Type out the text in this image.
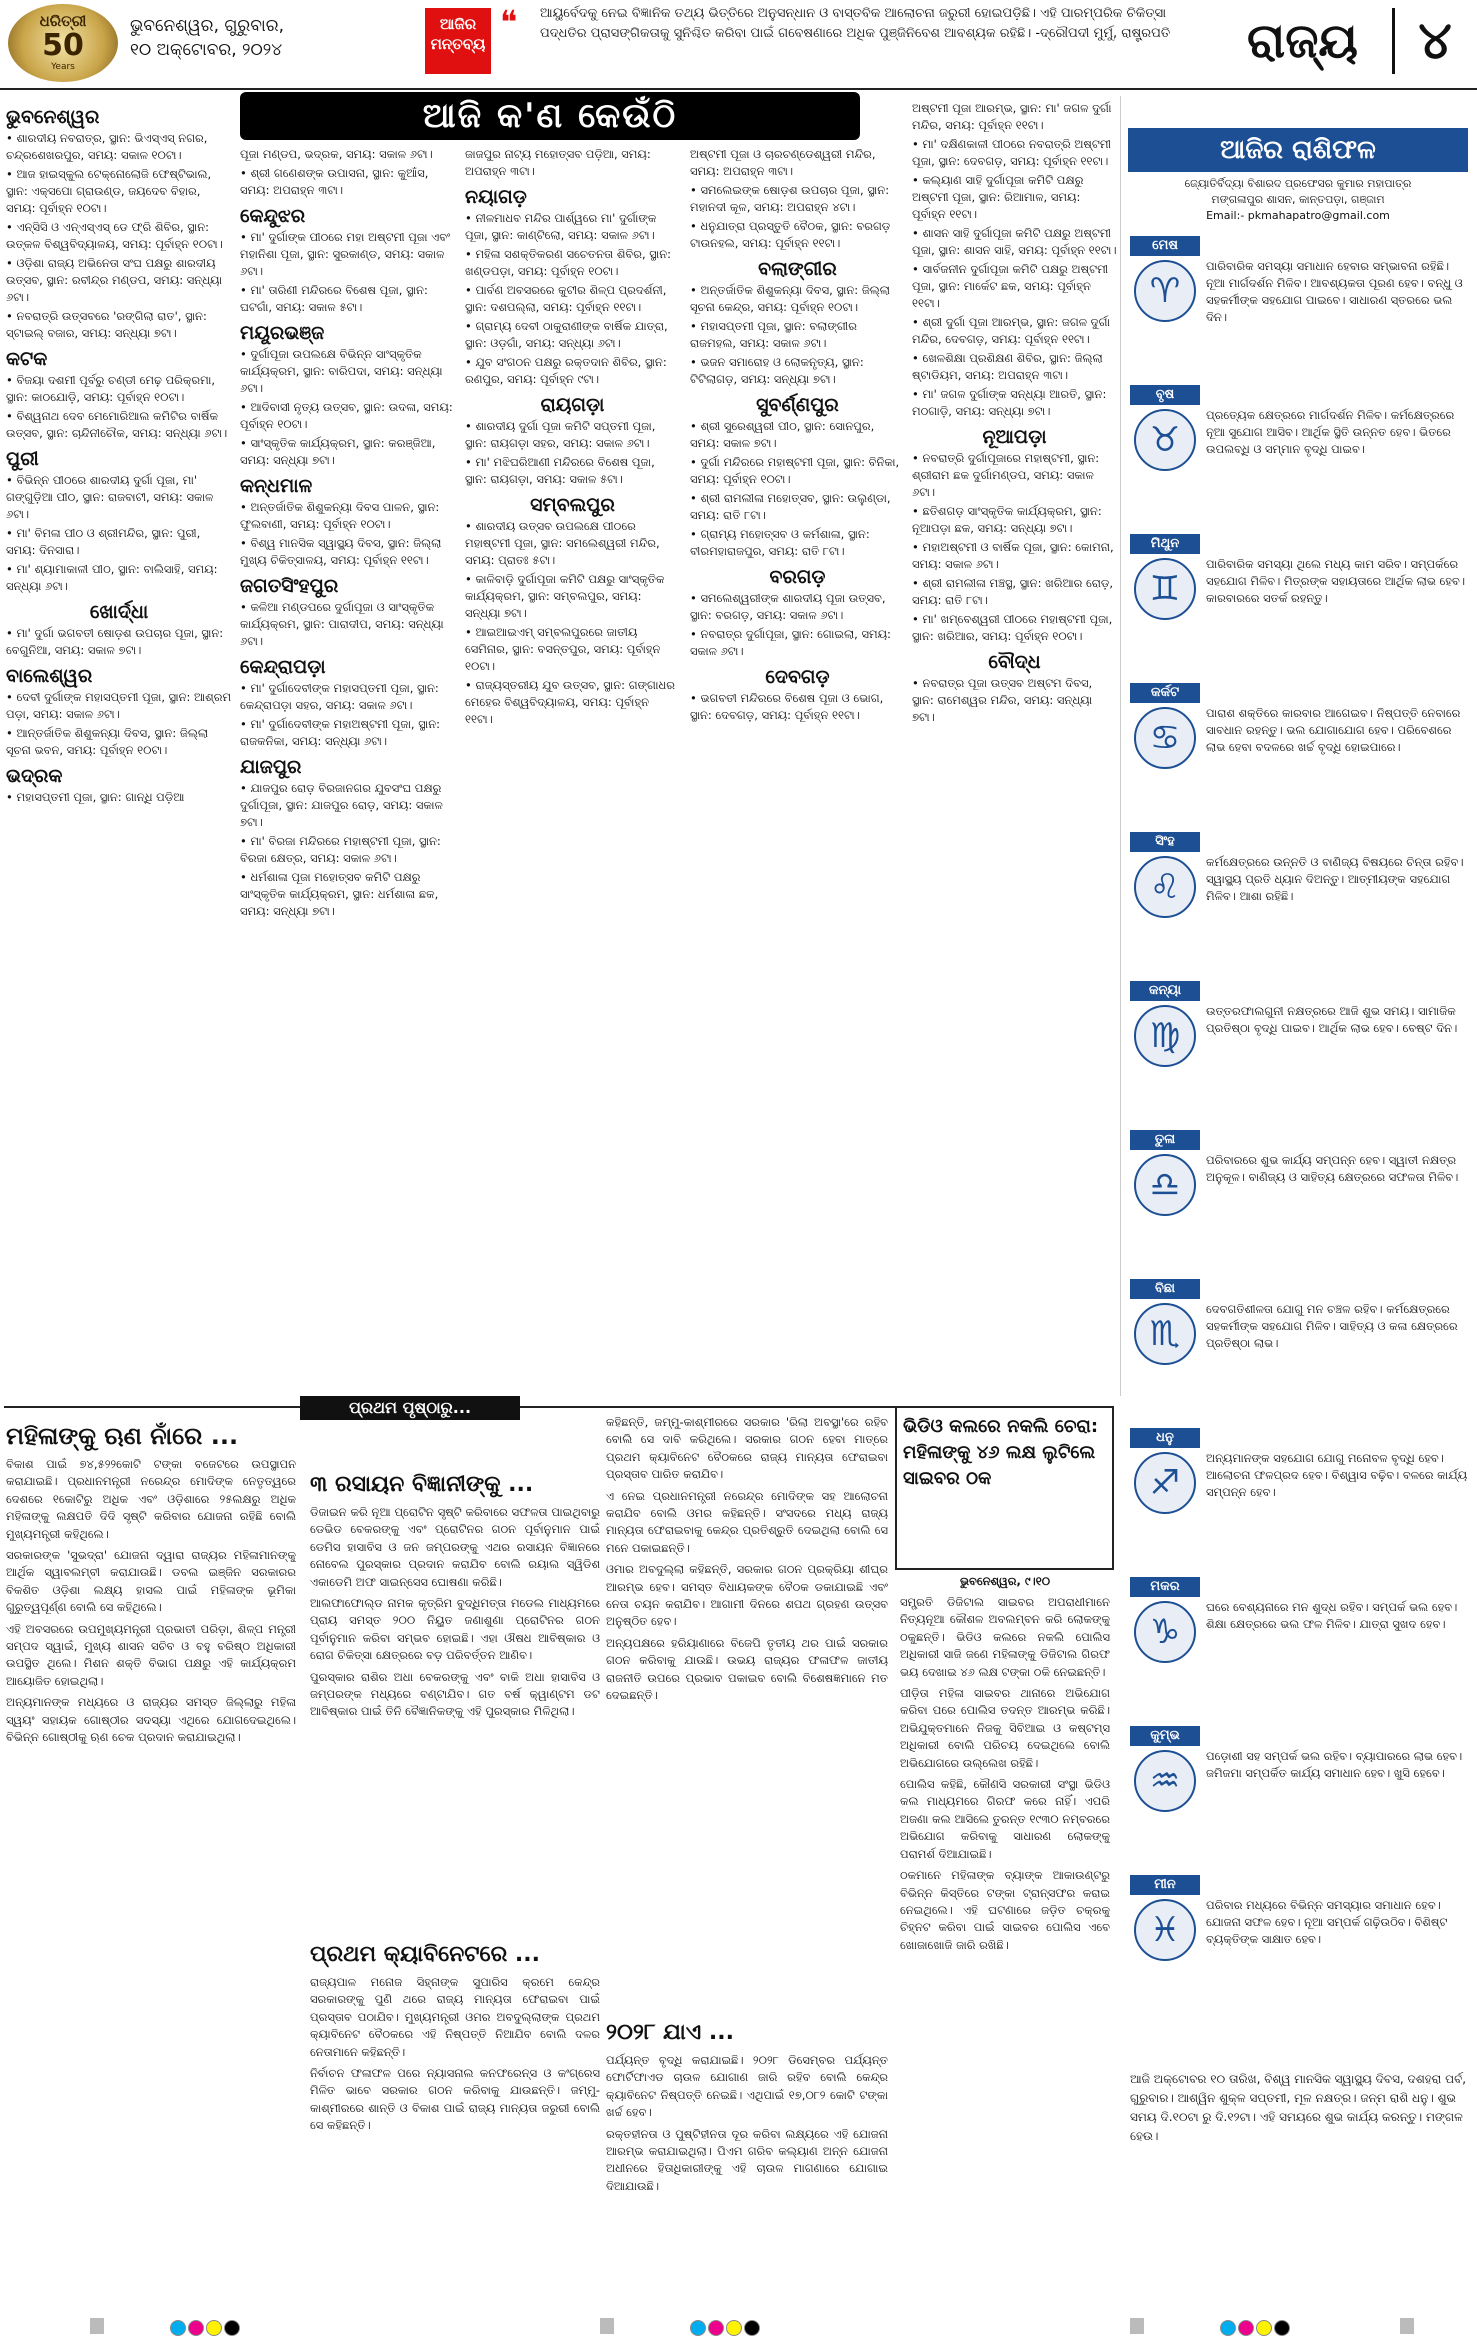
ଧରିତ୍ରୀ
50
Years
ଭୁବନେଶ୍ୱର, ଗୁରୁବାର,
୧୦ ଅକ୍ଟୋବର, ୨୦୨୪
ଆଜିର
ମନ୍ତବ୍ୟ
❝ ଆୟୁର୍ବେଦକୁ ନେଇ ବିଜ୍ଞାନିକ ତଥ୍ୟ ଭିତ୍ତିରେ ଅନୁସନ୍ଧାନ ଓ ବାସ୍ତବିକ ଆଲୋଚନା ଜରୁରୀ ହୋଇପଡ଼ିଛି। ଏହି ପାରମ୍ପରିକ ଚିକିତ୍ସା ପଦ୍ଧତିର ପ୍ରାସଙ୍ଗିକତାକୁ ସୁନିଶ୍ଚିତ କରିବା ପାଇଁ ଗବେଷଣାରେ ଅଧିକ ପୁଞ୍ଜିନିବେଶ ଆବଶ୍ୟକ ରହିଛି। -ଦ୍ରୌପଦୀ ମୁର୍ମୁ, ରାଷ୍ଟ୍ରପତି	ରାଜ୍ୟ	୪
ଆଜି କ'ଣ କେଉଁଠି
ଭୁବନେଶ୍ୱର

• ଶାରଦୀୟ ନବରାତ୍ର, ସ୍ଥାନ: ଭିଏସ୍‌ଏସ୍ ନଗର, ଚନ୍ଦ୍ରଶେଖରପୁର, ସମୟ: ସକାଳ ୧୦ଟା।

• ଆଜ ହାଇସ୍କୁଲ ଟେକ୍ନୋଲୋଜି ଫେଷ୍ଟିଭାଲ, ସ୍ଥାନ: ଏକ୍ସପୋ ଗ୍ରାଉଣ୍ଡ, ଜୟଦେବ ବିହାର, ସମୟ: ପୂର୍ବାହ୍ନ ୧୦ଟା।

• ଏନ୍‌ସିସି ଓ ଏନ୍‌ଏସ୍‌ଏସ୍ ଡେ ଫ୍ରି ଶିବିର, ସ୍ଥାନ: ଉତ୍କଳ ବିଶ୍ୱବିଦ୍ୟାଳୟ, ସମୟ: ପୂର୍ବାହ୍ନ ୧୦ଟା।

• ଓଡ଼ିଶା ରାଜ୍ୟ ଅଭିନେତା ସଂଘ ପକ୍ଷରୁ ଶାରଦୀୟ ଉତ୍ସବ, ସ୍ଥାନ: ରବୀନ୍ଦ୍ର ମଣ୍ଡପ, ସମୟ: ସନ୍ଧ୍ୟା ୬ଟା।

• ନବରାତ୍ରି ଉତ୍ସବରେ 'ରଙ୍ଗିଲା ରାତ', ସ୍ଥାନ: ସ୍ଟାଇଲ୍ ବଜାର, ସମୟ: ସନ୍ଧ୍ୟା ୭ଟା।

କଟକ

• ବିଜୟା ଦଶମୀ ପୂର୍ବରୁ ଚଣ୍ଡୀ ମେଢ଼ ପରିକ୍ରମା, ସ୍ଥାନ: କାଠଯୋଡ଼ି, ସମୟ: ପୂର୍ବାହ୍ନ ୧୦ଟା।

• ବିଶ୍ୱନାଥ ଦେବ ମେମୋରିଆଲ କମିଟିର ବାର୍ଷିକ ଉତ୍ସବ, ସ୍ଥାନ: ଚାନ୍ଦିନୀଚୌକ, ସମୟ: ସନ୍ଧ୍ୟା ୬ଟା।

ପୁରୀ

• ବିଭିନ୍ନ ପୀଠରେ ଶାରଦୀୟ ଦୁର୍ଗା ପୂଜା, ମା' ଗଙ୍ଗୁଡ଼ିଆ ପୀଠ, ସ୍ଥାନ: ରାଜବାଟୀ, ସମୟ: ସକାଳ ୬ଟା।

• ମା' ବିମଳା ପୀଠ ଓ ଶ୍ରୀମନ୍ଦିର, ସ୍ଥାନ: ପୁରୀ, ସମୟ: ଦିନସାରା।

• ମା' ଶ୍ୟାମାକାଳୀ ପୀଠ, ସ୍ଥାନ: ବାଲିସାହି, ସମୟ: ସନ୍ଧ୍ୟା ୬ଟା।

ଖୋର୍ଦ୍ଧା

• ମା' ଦୁର୍ଗା ଭଗବତୀ ଷୋଡ଼ଶ ଉପଚାର ପୂଜା, ସ୍ଥାନ: ବେଗୁନିଆ, ସମୟ: ସକାଳ ୭ଟା।

ବାଲେଶ୍ୱର

• ଦେବୀ ଦୁର୍ଗାଙ୍କ ମହାସପ୍ତମୀ ପୂଜା, ସ୍ଥାନ: ଆଶ୍ରମ ପଡ଼ା, ସମୟ: ସକାଳ ୬ଟା।

• ଆନ୍ତର୍ଜାତିକ ଶିଶୁକନ୍ୟା ଦିବସ, ସ୍ଥାନ: ଜିଲ୍ଲା ସୂଚନା ଭବନ, ସମୟ: ପୂର୍ବାହ୍ନ ୧୦ଟା।

ଭଦ୍ରକ

• ମହାସପ୍ତମୀ ପୂଜା, ସ୍ଥାନ: ଗାନ୍ଧି ପଡ଼ିଆ

ପୂଜା ମଣ୍ଡପ, ଭଦ୍ରକ, ସମୟ: ସକାଳ ୬ଟା।

• ଶ୍ରୀ ଗଣେଶଙ୍କ ଉପାସନା, ସ୍ଥାନ: କୁଆଁସ, ସମୟ: ଅପରାହ୍ନ ୩ଟା।

କେନ୍ଦୁଝର

• ମା' ଦୁର୍ଗାଙ୍କ ପୀଠରେ ମହା ଅଷ୍ଟମୀ ପୂଜା ଏବଂ ମହାନିଶା ପୂଜା, ସ୍ଥାନ: ସୁରକାଣ୍ଡ, ସମୟ: ସକାଳ ୬ଟା।

• ମା' ତାରିଣୀ ମନ୍ଦିରରେ ବିଶେଷ ପୂଜା, ସ୍ଥାନ: ଘଟଗାଁ, ସମୟ: ସକାଳ ୫ଟା।

ମୟୂରଭଞ୍ଜ

• ଦୁର୍ଗାପୂଜା ଉପଲକ୍ଷେ ବିଭିନ୍ନ ସାଂସ୍କୃତିକ କାର୍ଯ୍ୟକ୍ରମ, ସ୍ଥାନ: ବାରିପଦା, ସମୟ: ସନ୍ଧ୍ୟା ୬ଟା।

• ଆଦିବାସୀ ନୃତ୍ୟ ଉତ୍ସବ, ସ୍ଥାନ: ଉଦଳା, ସମୟ: ପୂର୍ବାହ୍ନ ୧୦ଟା।

• ସାଂସ୍କୃତିକ କାର୍ଯ୍ୟକ୍ରମ, ସ୍ଥାନ: କରଞ୍ଜିଆ, ସମୟ: ସନ୍ଧ୍ୟା ୭ଟା।

କନ୍ଧମାଳ

• ଅନ୍ତର୍ଜାତିକ ଶିଶୁକନ୍ୟା ଦିବସ ପାଳନ, ସ୍ଥାନ: ଫୁଲବାଣୀ, ସମୟ: ପୂର୍ବାହ୍ନ ୧୦ଟା।

• ବିଶ୍ୱ ମାନସିକ ସ୍ୱାସ୍ଥ୍ୟ ଦିବସ, ସ୍ଥାନ: ଜିଲ୍ଲା ମୁଖ୍ୟ ଚିକିତ୍ସାଳୟ, ସମୟ: ପୂର୍ବାହ୍ନ ୧୧ଟା।

ଜଗତସିଂହପୁର

• କଳିଆ ମଣ୍ଡପରେ ଦୁର୍ଗାପୂଜା ଓ ସାଂସ୍କୃତିକ କାର୍ଯ୍ୟକ୍ରମ, ସ୍ଥାନ: ପାରାଦୀପ, ସମୟ: ସନ୍ଧ୍ୟା ୬ଟା।

କେନ୍ଦ୍ରାପଡ଼ା

• ମା' ଦୁର୍ଗାଦେବୀଙ୍କ ମହାସପ୍ତମୀ ପୂଜା, ସ୍ଥାନ: କେନ୍ଦ୍ରାପଡ଼ା ସହର, ସମୟ: ସକାଳ ୬ଟା।

• ମା' ଦୁର୍ଗାଦେବୀଙ୍କ ମହାଅଷ୍ଟମୀ ପୂଜା, ସ୍ଥାନ: ରାଜକନିକା, ସମୟ: ସନ୍ଧ୍ୟା ୬ଟା।

ଯାଜପୁର

• ଯାଜପୁର ରୋଡ଼ ବିରଜାନଗର ଯୁବସଂଘ ପକ୍ଷରୁ ଦୁର୍ଗାପୂଜା, ସ୍ଥାନ: ଯାଜପୁର ରୋଡ଼, ସମୟ: ସକାଳ ୭ଟା।

• ମା' ବିରଜା ମନ୍ଦିରରେ ମହାଷ୍ଟମୀ ପୂଜା, ସ୍ଥାନ: ବିରଜା କ୍ଷେତ୍ର, ସମୟ: ସକାଳ ୬ଟା।

• ଧର୍ମଶାଳା ପୂଜା ମହୋତ୍ସବ କମିଟି ପକ୍ଷରୁ ସାଂସ୍କୃତିକ କାର୍ଯ୍ୟକ୍ରମ, ସ୍ଥାନ: ଧର୍ମଶାଳା ଛକ, ସମୟ: ସନ୍ଧ୍ୟା ୭ଟା।

ଜାଜପୁର ନାଟ୍ୟ ମହୋତ୍ସବ ପଡ଼ିଆ, ସମୟ: ଅପରାହ୍ନ ୩ଟା।

ନୟାଗଡ଼

• ନୀଳମାଧବ ମନ୍ଦିର ପାର୍ଶ୍ୱରେ ମା' ଦୁର୍ଗାଙ୍କ ପୂଜା, ସ୍ଥାନ: କାଣ୍ଟିଲୋ, ସମୟ: ସକାଳ ୬ଟା।

• ମହିଳା ସଶକ୍ତିକରଣ ସଚେତନତା ଶିବିର, ସ୍ଥାନ: ଖଣ୍ଡପଡ଼ା, ସମୟ: ପୂର୍ବାହ୍ନ ୧୦ଟା।

• ପାର୍ବଣ ଅବସରରେ କୁଟୀର ଶିଳ୍ପ ପ୍ରଦର୍ଶନୀ, ସ୍ଥାନ: ଦଶପଲ୍ଲା, ସମୟ: ପୂର୍ବାହ୍ନ ୧୧ଟା।

• ଗ୍ରାମ୍ୟ ଦେବୀ ଠାକୁରାଣୀଙ୍କ ବାର୍ଷିକ ଯାତ୍ରା, ସ୍ଥାନ: ଓଡ଼ଗାଁ, ସମୟ: ସନ୍ଧ୍ୟା ୬ଟା।

• ଯୁବ ସଂଗଠନ ପକ୍ଷରୁ ରକ୍ତଦାନ ଶିବିର, ସ୍ଥାନ: ରଣପୁର, ସମୟ: ପୂର୍ବାହ୍ନ ୯ଟା।

ରାୟଗଡ଼ା

• ଶାରଦୀୟ ଦୁର୍ଗା ପୂଜା କମିଟି ସପ୍ତମୀ ପୂଜା, ସ୍ଥାନ: ରାୟଗଡ଼ା ସହର, ସମୟ: ସକାଳ ୬ଟା।

• ମା' ମଝିଘରିଆଣୀ ମନ୍ଦିରରେ ବିଶେଷ ପୂଜା, ସ୍ଥାନ: ରାୟଗଡ଼ା, ସମୟ: ସକାଳ ୫ଟା।

ସମ୍ବଲପୁର

• ଶାରଦୀୟ ଉତ୍ସବ ଉପଲକ୍ଷେ ପୀଠରେ ମହାଷ୍ଟମୀ ପୂଜା, ସ୍ଥାନ: ସମଲେଶ୍ୱରୀ ମନ୍ଦିର, ସମୟ: ପ୍ରାତଃ ୫ଟା।

• କାଳିବାଡ଼ି ଦୁର୍ଗାପୂଜା କମିଟି ପକ୍ଷରୁ ସାଂସ୍କୃତିକ କାର୍ଯ୍ୟକ୍ରମ, ସ୍ଥାନ: ସମ୍ବଲପୁର, ସମୟ: ସନ୍ଧ୍ୟା ୭ଟା।

• ଆଇଆଇଏମ୍ ସମ୍ବଲପୁରରେ ଜାତୀୟ ସେମିନାର, ସ୍ଥାନ: ବସନ୍ତପୁର, ସମୟ: ପୂର୍ବାହ୍ନ ୧୦ଟା।

• ରାଜ୍ୟସ୍ତରୀୟ ଯୁବ ଉତ୍ସବ, ସ୍ଥାନ: ଗଙ୍ଗାଧର ମେହେର ବିଶ୍ୱବିଦ୍ୟାଳୟ, ସମୟ: ପୂର୍ବାହ୍ନ ୧୧ଟା।

ଅଷ୍ଟମୀ ପୂଜା ଓ ଚାରଚଣ୍ଡେଶ୍ୱରୀ ମନ୍ଦିର, ସମୟ: ଅପରାହ୍ନ ୩ଟା।

• ସମଲେଇଙ୍କ ଷୋଡ଼ଶ ଉପଚାର ପୂଜା, ସ୍ଥାନ: ମହାନଦୀ କୂଳ, ସମୟ: ଅପରାହ୍ନ ୪ଟା।

• ଧନୁଯାତ୍ରା ପ୍ରସ୍ତୁତି ବୈଠକ, ସ୍ଥାନ: ବରଗଡ଼ ଟାଉନହଲ, ସମୟ: ପୂର୍ବାହ୍ନ ୧୧ଟା।

ବଲାଙ୍ଗୀର

• ଅନ୍ତର୍ଜାତିକ ଶିଶୁକନ୍ୟା ଦିବସ, ସ୍ଥାନ: ଜିଲ୍ଲା ସୂଚନା କେନ୍ଦ୍ର, ସମୟ: ପୂର୍ବାହ୍ନ ୧୦ଟା।

• ମହାସପ୍ତମୀ ପୂଜା, ସ୍ଥାନ: ବଲାଙ୍ଗୀର ରାଜମହଲ, ସମୟ: ସକାଳ ୬ଟା।

• ଭଜନ ସମାରୋହ ଓ ଲୋକନୃତ୍ୟ, ସ୍ଥାନ: ଟିଟିଲାଗଡ଼, ସମୟ: ସନ୍ଧ୍ୟା ୭ଟା।

ସୁବର୍ଣ୍ଣପୁର

• ଶ୍ରୀ ସୁରେଶ୍ୱରୀ ପୀଠ, ସ୍ଥାନ: ସୋନପୁର, ସମୟ: ସକାଳ ୭ଟା।

• ଦୁର୍ଗା ମନ୍ଦିରରେ ମହାଷ୍ଟମୀ ପୂଜା, ସ୍ଥାନ: ବିନିକା, ସମୟ: ପୂର୍ବାହ୍ନ ୧୦ଟା।

• ଶ୍ରୀ ରାମଲୀଳା ମହୋତ୍ସବ, ସ୍ଥାନ: ଉଲୁଣ୍ଡା, ସମୟ: ରାତି ୮ଟା।

• ଗ୍ରାମ୍ୟ ମହୋତ୍ସବ ଓ କର୍ମଶାଳା, ସ୍ଥାନ: ବୀରମହାରାଜପୁର, ସମୟ: ରାତି ୮ଟା।

ବରଗଡ଼

• ସମଲେଶ୍ୱରୀଙ୍କ ଶାରଦୀୟ ପୂଜା ଉତ୍ସବ, ସ୍ଥାନ: ବରଗଡ଼, ସମୟ: ସକାଳ ୬ଟା।

• ନବରାତ୍ର ଦୁର୍ଗାପୂଜା, ସ୍ଥାନ: ଗୋଇଲା, ସମୟ: ସକାଳ ୬ଟା।

ଦେବଗଡ଼

• ଭଗବତୀ ମନ୍ଦିରରେ ବିଶେଷ ପୂଜା ଓ ଭୋଗ, ସ୍ଥାନ: ଦେବଗଡ଼, ସମୟ: ପୂର୍ବାହ୍ନ ୧୧ଟା।

ଅଷ୍ଟମୀ ପୂଜା ଆରମ୍ଭ, ସ୍ଥାନ: ମା' ଜଗଳ ଦୁର୍ଗା ମନ୍ଦିର, ସମୟ: ପୂର୍ବାହ୍ନ ୧୧ଟା।

• ମା' ଦକ୍ଷିଣକାଳୀ ପୀଠରେ ନବରାତ୍ରି ଅଷ୍ଟମୀ ପୂଜା, ସ୍ଥାନ: ଦେବଗଡ଼, ସମୟ: ପୂର୍ବାହ୍ନ ୧୧ଟା।

• କଲ୍ୟାଣ ସାହି ଦୁର୍ଗାପୂଜା କମିଟି ପକ୍ଷରୁ ଅଷ୍ଟମୀ ପୂଜା, ସ୍ଥାନ: ରିଆମାଳ, ସମୟ: ପୂର୍ବାହ୍ନ ୧୧ଟା।

• ଶାସନ ସାହି ଦୁର୍ଗାପୂଜା କମିଟି ପକ୍ଷରୁ ଅଷ୍ଟମୀ ପୂଜା, ସ୍ଥାନ: ଶାସନ ସାହି, ସମୟ: ପୂର୍ବାହ୍ନ ୧୧ଟା।

• ସାର୍ବଜନୀନ ଦୁର୍ଗାପୂଜା କମିଟି ପକ୍ଷରୁ ଅଷ୍ଟମୀ ପୂଜା, ସ୍ଥାନ: ମାର୍କେଟ ଛକ, ସମୟ: ପୂର୍ବାହ୍ନ ୧୧ଟା।

• ଶ୍ରୀ ଦୁର୍ଗା ପୂଜା ଆରମ୍ଭ, ସ୍ଥାନ: ଜଗଳ ଦୁର୍ଗା ମନ୍ଦିର, ଦେବଗଡ଼, ସମୟ: ପୂର୍ବାହ୍ନ ୧୧ଟା।

• ଖେଳଶିକ୍ଷା ପ୍ରଶିକ୍ଷଣ ଶିବିର, ସ୍ଥାନ: ଜିଲ୍ଲା ଷ୍ଟାଡିୟମ, ସମୟ: ଅପରାହ୍ନ ୩ଟା।

• ମା' ଜଗଳ ଦୁର୍ଗାଙ୍କ ସନ୍ଧ୍ୟା ଆରତି, ସ୍ଥାନ: ମଠଗାଡ଼ି, ସମୟ: ସନ୍ଧ୍ୟା ୭ଟା।

ନୂଆପଡ଼ା

• ନବରାତ୍ରି ଦୁର୍ଗାପୂଜାରେ ମହାଷ୍ଟମୀ, ସ୍ଥାନ: ଶ୍ରୀରାମ ଛକ ଦୁର୍ଗାମଣ୍ଡପ, ସମୟ: ସକାଳ ୬ଟା।

• ଛତିଶଗଡ଼ ସାଂସ୍କୃତିକ କାର୍ଯ୍ୟକ୍ରମ, ସ୍ଥାନ: ନୂଆପଡ଼ା ଛକ, ସମୟ: ସନ୍ଧ୍ୟା ୭ଟା।

• ମହାଅଷ୍ଟମୀ ଓ ବାର୍ଷିକ ପୂଜା, ସ୍ଥାନ: କୋମନା, ସମୟ: ସକାଳ ୬ଟା।

• ଶ୍ରୀ ରାମଲୀଳା ମଞ୍ଚସ୍ଥ, ସ୍ଥାନ: ଖରିଆର ରୋଡ଼, ସମୟ: ରାତି ୮ଟା।

• ମା' ଖମ୍ବେଶ୍ୱରୀ ପୀଠରେ ମହାଷ୍ଟମୀ ପୂଜା, ସ୍ଥାନ: ଖରିଆର, ସମୟ: ପୂର୍ବାହ୍ନ ୧୦ଟା।

ବୌଦ୍ଧ

• ନବରାତ୍ର ପୂଜା ଉତ୍ସବ ଅଷ୍ଟମ ଦିବସ, ସ୍ଥାନ: ରାମେଶ୍ୱର ମନ୍ଦିର, ସମୟ: ସନ୍ଧ୍ୟା ୭ଟା।

ଆଜିର ରାଶିଫଳ
ଜ୍ୟୋତିର୍ବିଦ୍ୟା ବିଶାରଦ ପ୍ରଫେସର କୁମାର ମହାପାତ୍ର
ମଙ୍ଗଳାପୁର ଶାସନ, କାନ୍ତପଡ଼ା, ଗଞ୍ଜାମ
Email:- pkmahapatro@gmail.com
ମେଷ
♈
ପାରିବାରିକ ସମସ୍ୟା ସମାଧାନ ହେବାର ସମ୍ଭାବନା ରହିଛି। ନୂଆ ମାର୍ଗଦର୍ଶନ ମିଳିବ। ଆବଶ୍ୟକତା ପୂରଣ ହେବ। ବନ୍ଧୁ ଓ ସହକର୍ମୀଙ୍କ ସହଯୋଗ ପାଇବେ। ସାଧାରଣ ସ୍ତରରେ ଭଲ ଦିନ।
ବୃଷ
♉
ପ୍ରତ୍ୟେକ କ୍ଷେତ୍ରରେ ମାର୍ଗଦର୍ଶନ ମିଳିବ। କର୍ମକ୍ଷେତ୍ରରେ ନୂଆ ସୁଯୋଗ ଆସିବ। ଆର୍ଥିକ ସ୍ଥିତି ଉନ୍ନତ ହେବ। ଭିତରେ ଉପଲବ୍ଧି ଓ ସମ୍ମାନ ବୃଦ୍ଧି ପାଇବ।
ମିଥୁନ
♊
ପାରିବାରିକ ସମସ୍ୟା ଥିଲେ ମଧ୍ୟ କାମ ସରିବ। ସମ୍ପର୍କରେ ସହଯୋଗ ମିଳିବ। ମିତ୍ରଙ୍କ ସହାୟତାରେ ଆର୍ଥିକ ଲାଭ ହେବ। କାରବାରରେ ସତର୍କ ରହନ୍ତୁ।
କର୍କଟ
♋
ପାରାଶ ଶକ୍ତିରେ କାରବାର ଆଗେଇବ। ନିଷ୍ପତ୍ତି ନେବାରେ ସାବଧାନ ରହନ୍ତୁ। ଭଲ ଯୋଗାଯୋଗ ହେବ। ପରିବେଶରେ ଲାଭ ହେବା ବଦଳରେ ଖର୍ଚ୍ଚ ବୃଦ୍ଧି ହୋଇପାରେ।
ସିଂହ
♌
କର୍ମକ୍ଷେତ୍ରରେ ଉନ୍ନତି ଓ ବାଣିଜ୍ୟ ବିଷୟରେ ଚିନ୍ତା ରହିବ। ସ୍ୱାସ୍ଥ୍ୟ ପ୍ରତି ଧ୍ୟାନ ଦିଅନ୍ତୁ। ଆତ୍ମୀୟଙ୍କ ସହଯୋଗ ମିଳିବ। ଆଶା ରହିଛି।
କନ୍ୟା
♍
ଉତ୍ତରଫାଲଗୁନୀ ନକ୍ଷତ୍ରରେ ଆଜି ଶୁଭ ସମୟ। ସାମାଜିକ ପ୍ରତିଷ୍ଠା ବୃଦ୍ଧି ପାଇବ। ଆର୍ଥିକ ଲାଭ ହେବ। ବେଷ୍ଟ ଦିନ।
ତୁଳା
♎
ପରିବାରରେ ଶୁଭ କାର୍ଯ୍ୟ ସମ୍ପନ୍ନ ହେବ। ସ୍ୱାତୀ ନକ୍ଷତ୍ର ଅନୁକୂଳ। ବାଣିଜ୍ୟ ଓ ସାହିତ୍ୟ କ୍ଷେତ୍ରରେ ସଫଳତା ମିଳିବ।
ବିଛା
♏
ଦେବଗତିଶୀଳତା ଯୋଗୁ ମନ ଚଞ୍ଚଳ ରହିବ। କର୍ମକ୍ଷେତ୍ରରେ ସହକର୍ମୀଙ୍କ ସହଯୋଗ ମିଳିବ। ସାହିତ୍ୟ ଓ କଳା କ୍ଷେତ୍ରରେ ପ୍ରତିଷ୍ଠା ଲାଭ।
ଧନୁ
♐
ଅନ୍ୟମାନଙ୍କ ସହଯୋଗ ଯୋଗୁ ମନୋବଳ ବୃଦ୍ଧି ହେବ। ଆଲୋଚନା ଫଳପ୍ରଦ ହେବ। ବିଶ୍ୱାସ ବଢ଼ିବ। ବଳରେ କାର୍ଯ୍ୟ ସମ୍ପନ୍ନ ହେବ।
ମକର
♑
ଘରେ ବେଶ୍ୟନାରେ ମନ ଶୁଦ୍ଧ ରହିବ। ସମ୍ପର୍କ ଭଲ ହେବ। ଶିକ୍ଷା କ୍ଷେତ୍ରରେ ଭଲ ଫଳ ମିଳିବ। ଯାତ୍ରା ସୁଖଦ ହେବ।
କୁମ୍ଭ
♒
ପଡ଼ୋଶୀ ସହ ସମ୍ପର୍କ ଭଲ ରହିବ। ବ୍ୟାପାରରେ ଲାଭ ହେବ। ଜମିଜମା ସମ୍ପର୍କିତ କାର୍ଯ୍ୟ ସମାଧାନ ହେବ। ଖୁସି ହେବେ।
ମୀନ
♓
ପରିବାର ମଧ୍ୟରେ ବିଭିନ୍ନ ସମସ୍ୟାର ସମାଧାନ ହେବ। ଯୋଜନା ସଫଳ ହେବ। ନୂଆ ସମ୍ପର୍କ ଗଢ଼ିଉଠିବ। ବିଶିଷ୍ଟ ବ୍ୟକ୍ତିଙ୍କ ସାକ୍ଷାତ ହେବ।
ଆଜି ଅକ୍ଟୋବର ୧୦ ତାରିଖ, ବିଶ୍ୱ ମାନସିକ ସ୍ୱାସ୍ଥ୍ୟ ଦିବସ, ଦଶହରା ପର୍ବ, ଗୁରୁବାର। ଆଶ୍ୱିନ ଶୁକ୍ଳ ସପ୍ତମୀ, ମୂଳ ନକ୍ଷତ୍ର। ଜନ୍ମ ରାଶି ଧନୁ। ଶୁଭ ସମୟ ଦି.୧୦ଟା ରୁ ଦି.୧୨ଟା। ଏହି ସମୟରେ ଶୁଭ କାର୍ଯ୍ୟ କରନ୍ତୁ। ମଙ୍ଗଳ ହେଉ।
ପ୍ରଥମ ପୃଷ୍ଠାରୁ...
ମହିଳାଙ୍କୁ ଋଣ ନାଁରେ ...

ବିକାଶ ପାଇଁ ୭୪,୫୨୨କୋଟି ଟଙ୍କା ବଜେଟରେ ଉପସ୍ଥାପନ କରାଯାଇଛି। ପ୍ରଧାନମନ୍ତ୍ରୀ ନରେନ୍ଦ୍ର ମୋଦିଙ୍କ ନେତୃତ୍ୱରେ ଦେଶରେ ୧କୋଟିରୁ ଅଧିକ ଏବଂ ଓଡ଼ିଶାରେ ୨୫ଲକ୍ଷରୁ ଅଧିକ ମହିଳାଙ୍କୁ ଲକ୍ଷପତି ଦିଦି ସୃଷ୍ଟି କରିବାର ଯୋଜନା ରହିଛି ବୋଲି ମୁଖ୍ୟମନ୍ତ୍ରୀ କହିଥିଲେ।

ସରକାରଙ୍କ 'ସୁଭଦ୍ରା' ଯୋଜନା ଦ୍ୱାରା ରାଜ୍ୟର ମହିଳାମାନଙ୍କୁ ଆର୍ଥିକ ସ୍ୱାବଲମ୍ବୀ କରାଯାଉଛି। ଡବଲ ଇଞ୍ଜିନ ସରକାରର ବିକଶିତ ଓଡ଼ିଶା ଲକ୍ଷ୍ୟ ହାସଲ ପାଇଁ ମହିଳାଙ୍କ ଭୂମିକା ଗୁରୁତ୍ୱପୂର୍ଣ୍ଣ ବୋଲି ସେ କହିଥିଲେ।

ଏହି ଅବସରରେ ଉପମୁଖ୍ୟମନ୍ତ୍ରୀ ପ୍ରଭାତୀ ପରିଡ଼ା, ଶିଳ୍ପ ମନ୍ତ୍ରୀ ସମ୍ପଦ ସ୍ୱାଇଁ, ମୁଖ୍ୟ ଶାସନ ସଚିବ ଓ ବହୁ ବରିଷ୍ଠ ଅଧିକାରୀ ଉପସ୍ଥିତ ଥିଲେ। ମିଶନ ଶକ୍ତି ବିଭାଗ ପକ୍ଷରୁ ଏହି କାର୍ଯ୍ୟକ୍ରମ ଆୟୋଜିତ ହୋଇଥିଲା।

ଅନ୍ୟମାନଙ୍କ ମଧ୍ୟରେ ଓ ରାଜ୍ୟର ସମସ୍ତ ଜିଲ୍ଲାରୁ ମହିଳା ସ୍ୱୟଂ ସହାୟକ ଗୋଷ୍ଠୀର ସଦସ୍ୟା ଏଥିରେ ଯୋଗଦେଇଥିଲେ। ବିଭିନ୍ନ ଗୋଷ୍ଠୀକୁ ଋଣ ଚେକ ପ୍ରଦାନ କରାଯାଇଥିଲା।

୩ ରସାୟନ ବିଜ୍ଞାନୀଙ୍କୁ ...

ଡିଜାଇନ କରି ନୂଆ ପ୍ରୋଟିନ ସୃଷ୍ଟି କରିବାରେ ସଫଳତା ପାଇଥିବାରୁ ଡେଭିଡ ବେକରଙ୍କୁ ଏବଂ ପ୍ରୋଟିନର ଗଠନ ପୂର୍ବାନୁମାନ ପାଇଁ ଡେମିସ ହାସାବିସ ଓ ଜନ ଜମ୍ପରଙ୍କୁ ଏଥର ରସାୟନ ବିଜ୍ଞାନରେ ନୋବେଲ ପୁରସ୍କାର ପ୍ରଦାନ କରାଯିବ ବୋଲି ରୟାଲ ସ୍ୱିଡିଶ ଏକାଡେମି ଅଫ ସାଇନ୍ସେସ ଘୋଷଣା କରିଛି।

ଆଲଫାଫୋଲ୍ଡ ନାମକ କୃତ୍ରିମ ବୁଦ୍ଧିମତ୍ତା ମଡେଲ ମାଧ୍ୟମରେ ପ୍ରାୟ ସମସ୍ତ ୨୦୦ ନିୟୁତ ଜଣାଶୁଣା ପ୍ରୋଟିନର ଗଠନ ପୂର୍ବାନୁମାନ କରିବା ସମ୍ଭବ ହୋଇଛି। ଏହା ଔଷଧ ଆବିଷ୍କାର ଓ ରୋଗ ଚିକିତ୍ସା କ୍ଷେତ୍ରରେ ବଡ଼ ପରିବର୍ତ୍ତନ ଆଣିବ।

ପୁରସ୍କାର ରାଶିର ଅଧା ବେକରଙ୍କୁ ଏବଂ ବାକି ଅଧା ହାସାବିସ ଓ ଜମ୍ପରଙ୍କ ମଧ୍ୟରେ ବଣ୍ଟାଯିବ। ଗତ ବର୍ଷ କ୍ୱାଣ୍ଟମ ଡଟ ଆବିଷ୍କାର ପାଇଁ ତିନି ବୈଜ୍ଞାନିକଙ୍କୁ ଏହି ପୁରସ୍କାର ମିଳିଥିଲା।

ପ୍ରଥମ କ୍ୟାବିନେଟରେ ...

ରାଜ୍ୟପାଳ ମନୋଜ ସିହ୍ନାଙ୍କ ସୁପାରିସ କ୍ରମେ କେନ୍ଦ୍ର ସରକାରଙ୍କୁ ପୁଣି ଥରେ ରାଜ୍ୟ ମାନ୍ୟତା ଫେରାଇବା ପାଇଁ ପ୍ରସ୍ତାବ ପଠାଯିବ। ମୁଖ୍ୟମନ୍ତ୍ରୀ ଓମର ଅବଦୁଲ୍ଲାଙ୍କ ପ୍ରଥମ କ୍ୟାବିନେଟ ବୈଠକରେ ଏହି ନିଷ୍ପତ୍ତି ନିଆଯିବ ବୋଲି ଦଳର ନେତାମାନେ କହିଛନ୍ତି।

ନିର୍ବାଚନ ଫଳାଫଳ ପରେ ନ୍ୟାସନାଲ କନଫରେନ୍ସ ଓ କଂଗ୍ରେସ ମିଳିତ ଭାବେ ସରକାର ଗଠନ କରିବାକୁ ଯାଉଛନ୍ତି। ଜମ୍ମୁ-କାଶ୍ମୀରରେ ଶାନ୍ତି ଓ ବିକାଶ ପାଇଁ ରାଜ୍ୟ ମାନ୍ୟତା ଜରୁରୀ ବୋଲି ସେ କହିଛନ୍ତି।

କହିଛନ୍ତି, ଜମ୍ମୁ-କାଶ୍ମୀରରେ ସରକାର 'ରିଲା ଅବସ୍ଥା'ରେ ରହିବ ବୋଲି ସେ ଦାବି କରିଥିଲେ। ସରକାର ଗଠନ ହେବା ମାତ୍ରେ ପ୍ରଥମ କ୍ୟାବିନେଟ ବୈଠକରେ ରାଜ୍ୟ ମାନ୍ୟତା ଫେରାଇବା ପ୍ରସ୍ତାବ ପାରିତ କରାଯିବ।

ଏ ନେଇ ପ୍ରଧାନମନ୍ତ୍ରୀ ନରେନ୍ଦ୍ର ମୋଦିଙ୍କ ସହ ଆଲୋଚନା କରାଯିବ ବୋଲି ଓମର କହିଛନ୍ତି। ସଂସଦରେ ମଧ୍ୟ ରାଜ୍ୟ ମାନ୍ୟତା ଫେରାଇବାକୁ କେନ୍ଦ୍ର ପ୍ରତିଶ୍ରୁତି ଦେଇଥିଲା ବୋଲି ସେ ମନେ ପକାଇଛନ୍ତି।

ଓମାର ଅବଦୁଲ୍ଲା କହିଛନ୍ତି, ସରକାର ଗଠନ ପ୍ରକ୍ରିୟା ଶୀଘ୍ର ଆରମ୍ଭ ହେବ। ସମସ୍ତ ବିଧାୟକଙ୍କ ବୈଠକ ଡକାଯାଇଛି ଏବଂ ନେତା ଚୟନ କରାଯିବ। ଆଗାମୀ ଦିନରେ ଶପଥ ଗ୍ରହଣ ଉତ୍ସବ ଅନୁଷ୍ଠିତ ହେବ।

ଅନ୍ୟପକ୍ଷରେ ହରିୟାଣାରେ ବିଜେପି ତୃତୀୟ ଥର ପାଇଁ ସରକାର ଗଠନ କରିବାକୁ ଯାଉଛି। ଉଭୟ ରାଜ୍ୟର ଫଳାଫଳ ଜାତୀୟ ରାଜନୀତି ଉପରେ ପ୍ରଭାବ ପକାଇବ ବୋଲି ବିଶେଷଜ୍ଞମାନେ ମତ ଦେଇଛନ୍ତି।

୨୦୨୮ ଯାଏ ...

ପର୍ଯ୍ୟନ୍ତ ବୃଦ୍ଧି କରାଯାଇଛି। ୨୦୨୮ ଡିସେମ୍ବର ପର୍ଯ୍ୟନ୍ତ ଫୋର୍ଟିଫାଏଡ ଚାଉଳ ଯୋଗାଣ ଜାରି ରହିବ ବୋଲି କେନ୍ଦ୍ର କ୍ୟାବିନେଟ ନିଷ୍ପତ୍ତି ନେଇଛି। ଏଥିପାଇଁ ୧୭,୦୮୨ କୋଟି ଟଙ୍କା ଖର୍ଚ୍ଚ ହେବ।

ରକ୍ତହୀନତା ଓ ପୁଷ୍ଟିହୀନତା ଦୂର କରିବା ଲକ୍ଷ୍ୟରେ ଏହି ଯୋଜନା ଆରମ୍ଭ କରାଯାଇଥିଲା। ପିଏମ ଗରିବ କଲ୍ୟାଣ ଅନ୍ନ ଯୋଜନା ଅଧୀନରେ ହିତାଧିକାରୀଙ୍କୁ ଏହି ଚାଉଳ ମାଗଣାରେ ଯୋଗାଇ ଦିଆଯାଉଛି।

ଭିଡିଓ କଲରେ ନକଲି ଚେରା: ମହିଳାଙ୍କୁ ୪୬ ଲକ୍ଷ ଲୁଟିଲେ ସାଇବର ଠକ
ଭୁବନେଶ୍ୱର, ୯।୧୦

ସମ୍ପ୍ରତି ଡିଜିଟାଲ ସାଇବର ଅପରାଧୀମାନେ ନିତ୍ୟନୂଆ କୌଶଳ ଅବଲମ୍ବନ କରି ଲୋକଙ୍କୁ ଠକୁଛନ୍ତି। ଭିଡିଓ କଲରେ ନକଲି ପୋଲିସ ଅଧିକାରୀ ସାଜି ଜଣେ ମହିଳାଙ୍କୁ ଡିଜିଟାଲ ଗିରଫ ଭୟ ଦେଖାଇ ୪୬ ଲକ୍ଷ ଟଙ୍କା ଠକି ନେଇଛନ୍ତି।

ପୀଡ଼ିତା ମହିଳା ସାଇବର ଥାନାରେ ଅଭିଯୋଗ କରିବା ପରେ ପୋଲିସ ତଦନ୍ତ ଆରମ୍ଭ କରିଛି। ଅଭିଯୁକ୍ତମାନେ ନିଜକୁ ସିବିଆଇ ଓ କଷ୍ଟମ୍ସ ଅଧିକାରୀ ବୋଲି ପରିଚୟ ଦେଇଥିଲେ ବୋଲି ଅଭିଯୋଗରେ ଉଲ୍ଲେଖ ରହିଛି।

ପୋଲିସ କହିଛି, କୌଣସି ସରକାରୀ ସଂସ୍ଥା ଭିଡିଓ କଲ ମାଧ୍ୟମରେ ଗିରଫ କରେ ନାହିଁ। ଏପରି ଅଜଣା କଲ ଆସିଲେ ତୁରନ୍ତ ୧୯୩୦ ନମ୍ବରରେ ଅଭିଯୋଗ କରିବାକୁ ସାଧାରଣ ଲୋକଙ୍କୁ ପରାମର୍ଶ ଦିଆଯାଇଛି।

ଠକମାନେ ମହିଳାଙ୍କ ବ୍ୟାଙ୍କ ଆକାଉଣ୍ଟରୁ ବିଭିନ୍ନ କିସ୍ତିରେ ଟଙ୍କା ଟ୍ରାନ୍ସଫର କରାଇ ନେଇଥିଲେ। ଏହି ଘଟଣାରେ ଜଡ଼ିତ ଚକ୍ରକୁ ଚିହ୍ନଟ କରିବା ପାଇଁ ସାଇବର ପୋଲିସ ଏବେ ଖୋଜାଖୋଜି ଜାରି ରଖିଛି।
